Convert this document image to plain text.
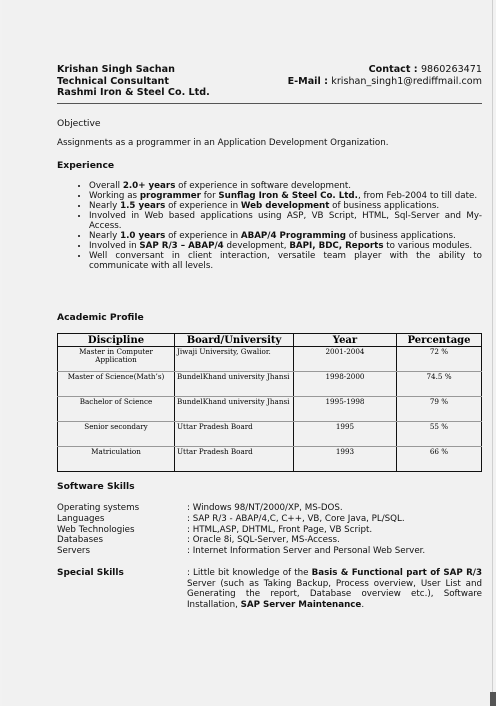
Krishan Singh Sachan
Technical Consultant
Rashmi Iron & Steel Co. Ltd.
Contact : 9860263471
E-Mail : krishan_singh1@rediffmail.com
Objective
Assignments as a programmer in an Application Development Organization.
Experience
• Overall 2.0+ years of experience in software development.
• Working as programmer for Sunflag Iron & Steel Co. Ltd., from Feb-2004 to till date.
• Nearly 1.5 years of experience in Web development of business applications.
• Involved in Web based applications using ASP, VB Script, HTML, Sql-Server and My-Access.
• Nearly 1.0 years of experience in ABAP/4 Programming of business applications.
• Involved in SAP R/3 – ABAP/4 development, BAPI, BDC, Reports to various modules.
• Well conversant in client interaction, versatile team player with the ability to communicate with all levels.
Academic Profile
Discipline	Board/University	Year	Percentage
Master in Computer Application	Jiwaji University, Gwalior.	2001-2004	72 %
Master of Science(Math’s)	BundelKhand university Jhansi	1998-2000	74.5 %
Bachelor of Science	BundelKhand university Jhansi	1995-1998	79 %
Senior secondary	Uttar Pradesh Board	1995	55 %
Matriculation	Uttar Pradesh Board	1993	66 %
Software Skills
Operating systems	: Windows 98/NT/2000/XP, MS-DOS.
Languages	: SAP R/3 - ABAP/4,C, C++, VB, Core Java, PL/SQL.
Web Technologies	: HTML,ASP, DHTML, Front Page, VB Script.
Databases	: Oracle 8i, SQL-Server, MS-Access.
Servers	: Internet Information Server and Personal Web Server.
Special Skills	: Little bit knowledge of the Basis & Functional part of SAP R/3 Server (such as Taking Backup, Process overview, User List and Generating the report, Database overview etc.), Software Installation, SAP Server Maintenance.
